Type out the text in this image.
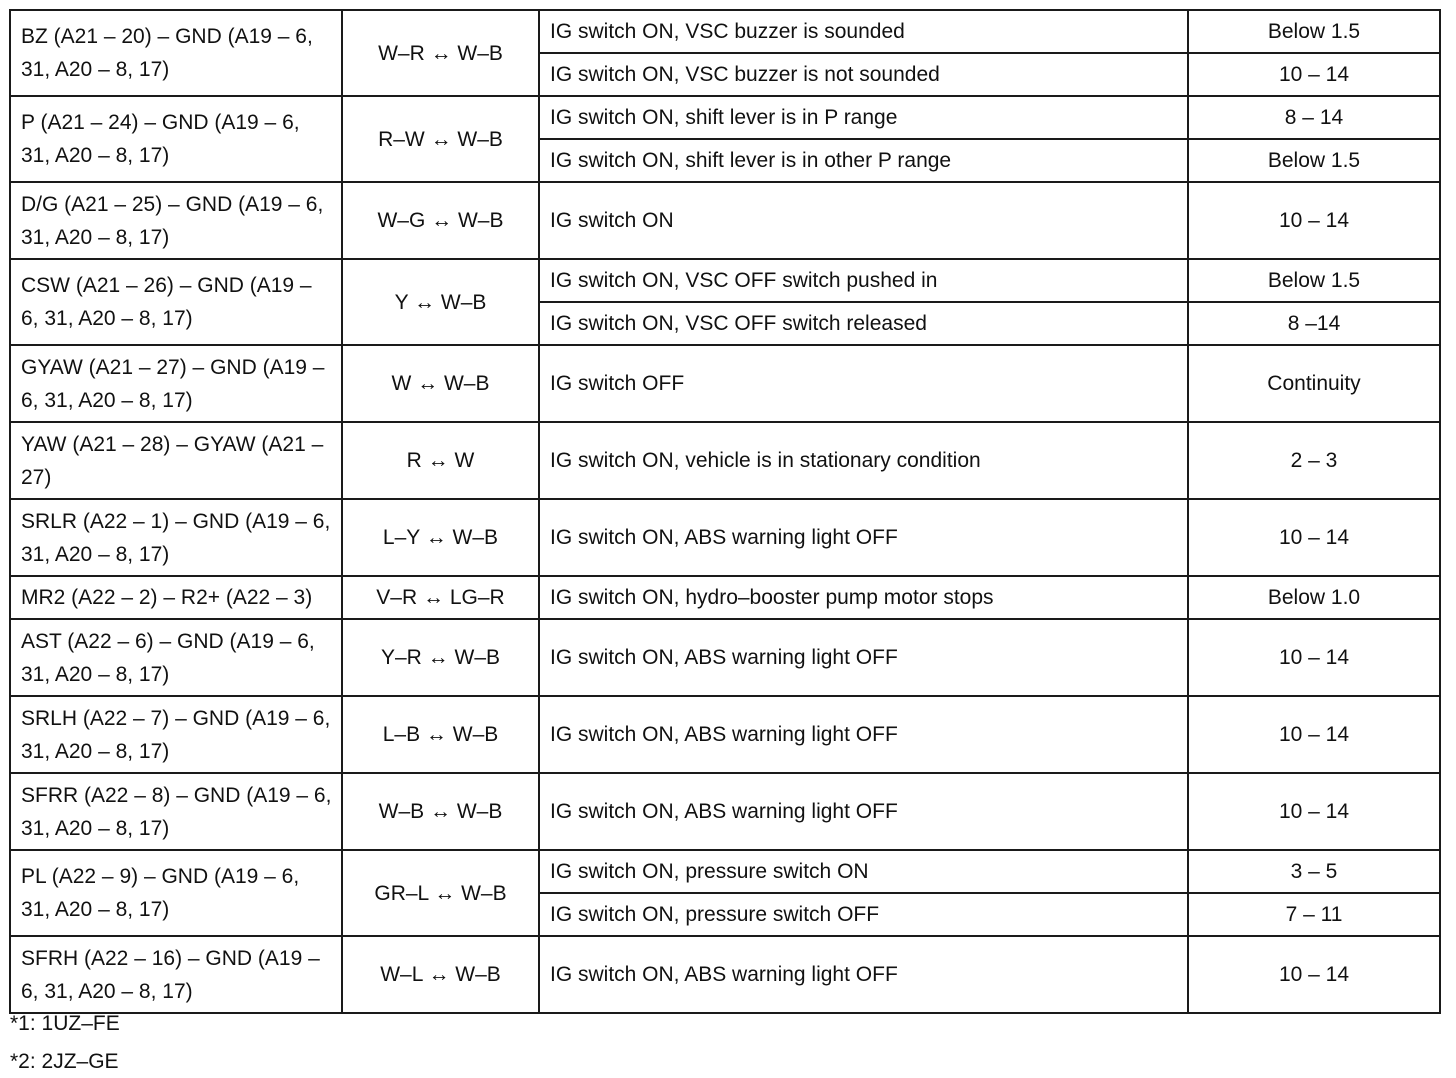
BZ (A21 – 20) – GND (A19 – 6, 31, A20 – 8, 17)	W–R ↔ W–B	IG switch ON, VSC buzzer is sounded	Below 1.5
		IG switch ON, VSC buzzer is not sounded	10 – 14
P (A21 – 24) – GND (A19 – 6, 31, A20 – 8, 17)	R–W ↔ W–B	IG switch ON, shift lever is in P range	8 – 14
		IG switch ON, shift lever is in other P range	Below 1.5
D/G (A21 – 25) – GND (A19 – 6, 31, A20 – 8, 17)	W–G ↔ W–B	IG switch ON	10 – 14
CSW (A21 – 26) – GND (A19 – 6, 31, A20 – 8, 17)	Y ↔ W–B	IG switch ON, VSC OFF switch pushed in	Below 1.5
		IG switch ON, VSC OFF switch released	8 –14
GYAW (A21 – 27) – GND (A19 – 6, 31, A20 – 8, 17)	W ↔ W–B	IG switch OFF	Continuity
YAW (A21 – 28) – GYAW (A21 – 27)	R ↔ W	IG switch ON, vehicle is in stationary condition	2 – 3
SRLR (A22 – 1) – GND (A19 – 6, 31, A20 – 8, 17)	L–Y ↔ W–B	IG switch ON, ABS warning light OFF	10 – 14
MR2 (A22 – 2) – R2+ (A22 – 3)	V–R ↔ LG–R	IG switch ON, hydro–booster pump motor stops	Below 1.0
AST (A22 – 6) – GND (A19 – 6, 31, A20 – 8, 17)	Y–R ↔ W–B	IG switch ON, ABS warning light OFF	10 – 14
SRLH (A22 – 7) – GND (A19 – 6, 31, A20 – 8, 17)	L–B ↔ W–B	IG switch ON, ABS warning light OFF	10 – 14
SFRR (A22 – 8) – GND (A19 – 6, 31, A20 – 8, 17)	W–B ↔ W–B	IG switch ON, ABS warning light OFF	10 – 14
PL (A22 – 9) – GND (A19 – 6, 31, A20 – 8, 17)	GR–L ↔ W–B	IG switch ON, pressure switch ON	3 – 5
		IG switch ON, pressure switch OFF	7 – 11
SFRH (A22 – 16) – GND (A19 – 6, 31, A20 – 8, 17)	W–L ↔ W–B	IG switch ON, ABS warning light OFF	10 – 14
*1: 1UZ–FE
*2: 2JZ–GE
